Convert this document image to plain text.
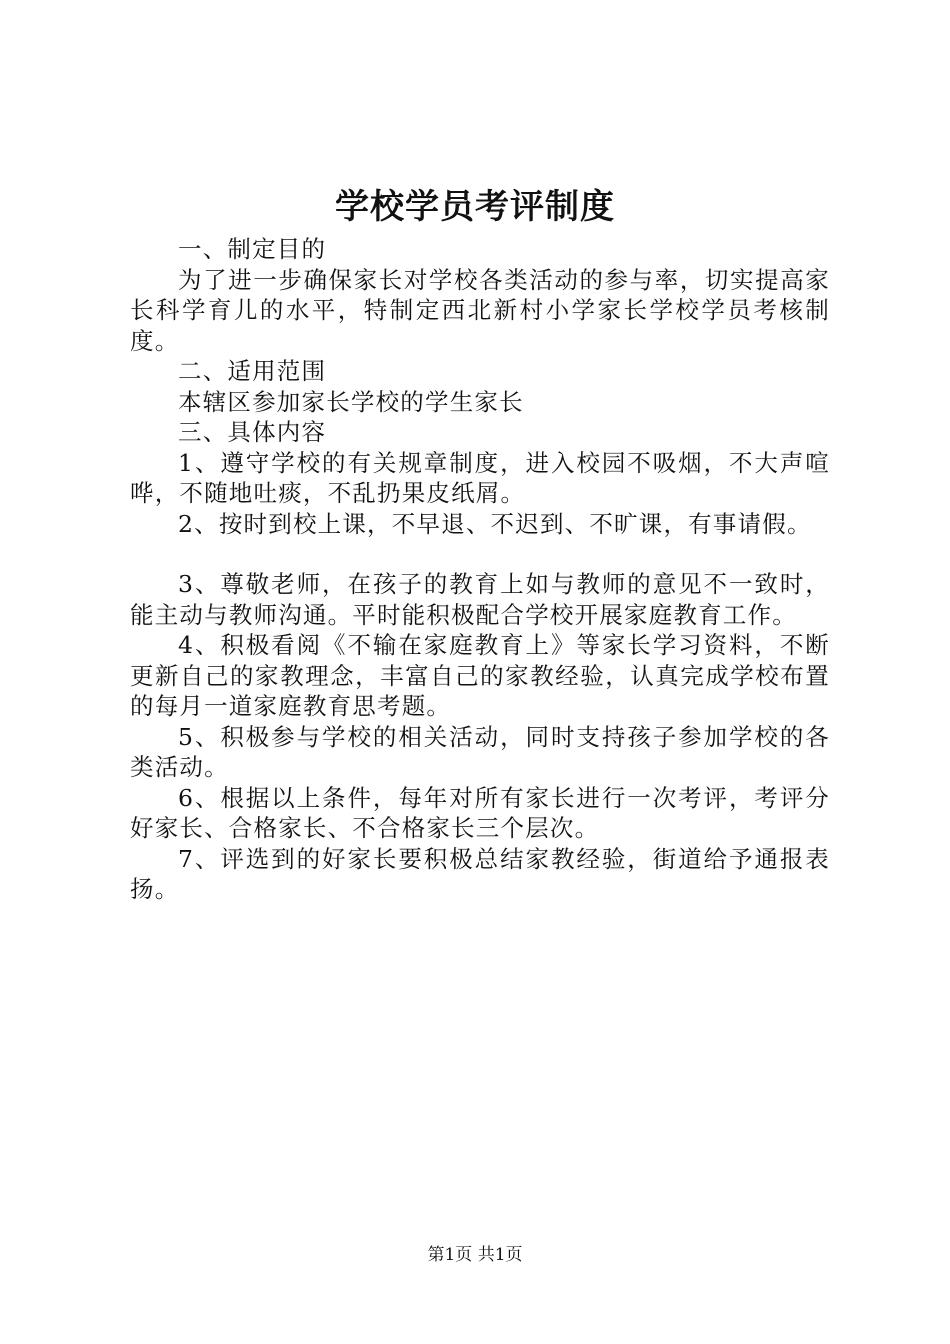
学校学员考评制度

一、制定目的

为了进一步确保家长对学校各类活动的参与率，切实提高家长科学育儿的水平，特制定西北新村小学家长学校学员考核制度。

二、适用范围

本辖区参加家长学校的学生家长

三、具体内容

1、遵守学校的有关规章制度，进入校园不吸烟，不大声喧哗，不随地吐痰，不乱扔果皮纸屑。

2、按时到校上课，不早退、不迟到、不旷课，有事请假。

3、尊敬老师，在孩子的教育上如与教师的意见不一致时，能主动与教师沟通。平时能积极配合学校开展家庭教育工作。

4、积极看阅《不输在家庭教育上》等家长学习资料，不断更新自己的家教理念，丰富自己的家教经验，认真完成学校布置的每月一道家庭教育思考题。

5、积极参与学校的相关活动，同时支持孩子参加学校的各类活动。

6、根据以上条件，每年对所有家长进行一次考评，考评分好家长、合格家长、不合格家长三个层次。

7、评选到的好家长要积极总结家教经验，街道给予通报表扬。

第1页 共1页
